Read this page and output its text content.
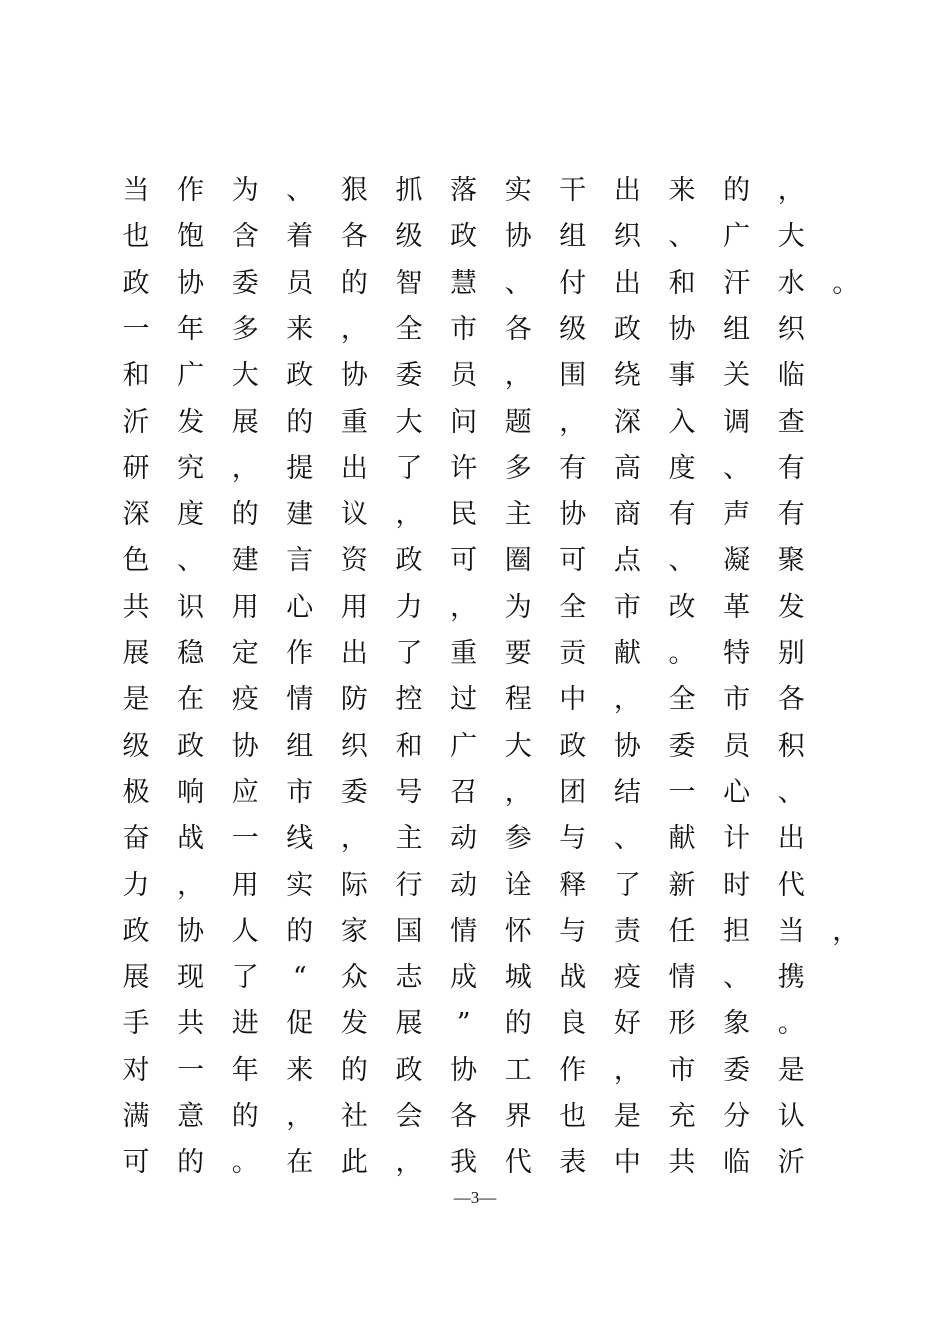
当 作 为 、 狠 抓 落 实 干 出 来 的 ，
也 饱 含 着 各 级 政 协 组 织 、 广 大
政 协 委 员 的 智 慧 、 付 出 和 汗 水 。
一 年 多 来 ， 全 市 各 级 政 协 组 织
和 广 大 政 协 委 员 ， 围 绕 事 关 临
沂 发 展 的 重 大 问 题 ， 深 入 调 查
研 究 ， 提 出 了 许 多 有 高 度 、 有
深 度 的 建 议 ， 民 主 协 商 有 声 有
色 、 建 言 资 政 可 圈 可 点 、 凝 聚
共 识 用 心 用 力 ， 为 全 市 改 革 发
展 稳 定 作 出 了 重 要 贡 献 。 特 别
是 在 疫 情 防 控 过 程 中 ， 全 市 各
级 政 协 组 织 和 广 大 政 协 委 员 积
极 响 应 市 委 号 召 ， 团 结 一 心 、
奋 战 一 线 ， 主 动 参 与 、 献 计 出
力 ， 用 实 际 行 动 诠 释 了 新 时 代
政 协 人 的 家 国 情 怀 与 责 任 担 当 ，
展 现 了	“	众 志 成 城 战 疫 情 、 携
手 共 进 促 发 展	”	的 良 好 形 象 。
对 一 年 来 的 政 协 工 作 ， 市 委 是
满 意 的 ， 社 会 各 界 也 是 充 分 认
可 的 。 在 此 ， 我 代 表 中 共 临 沂
—3—
